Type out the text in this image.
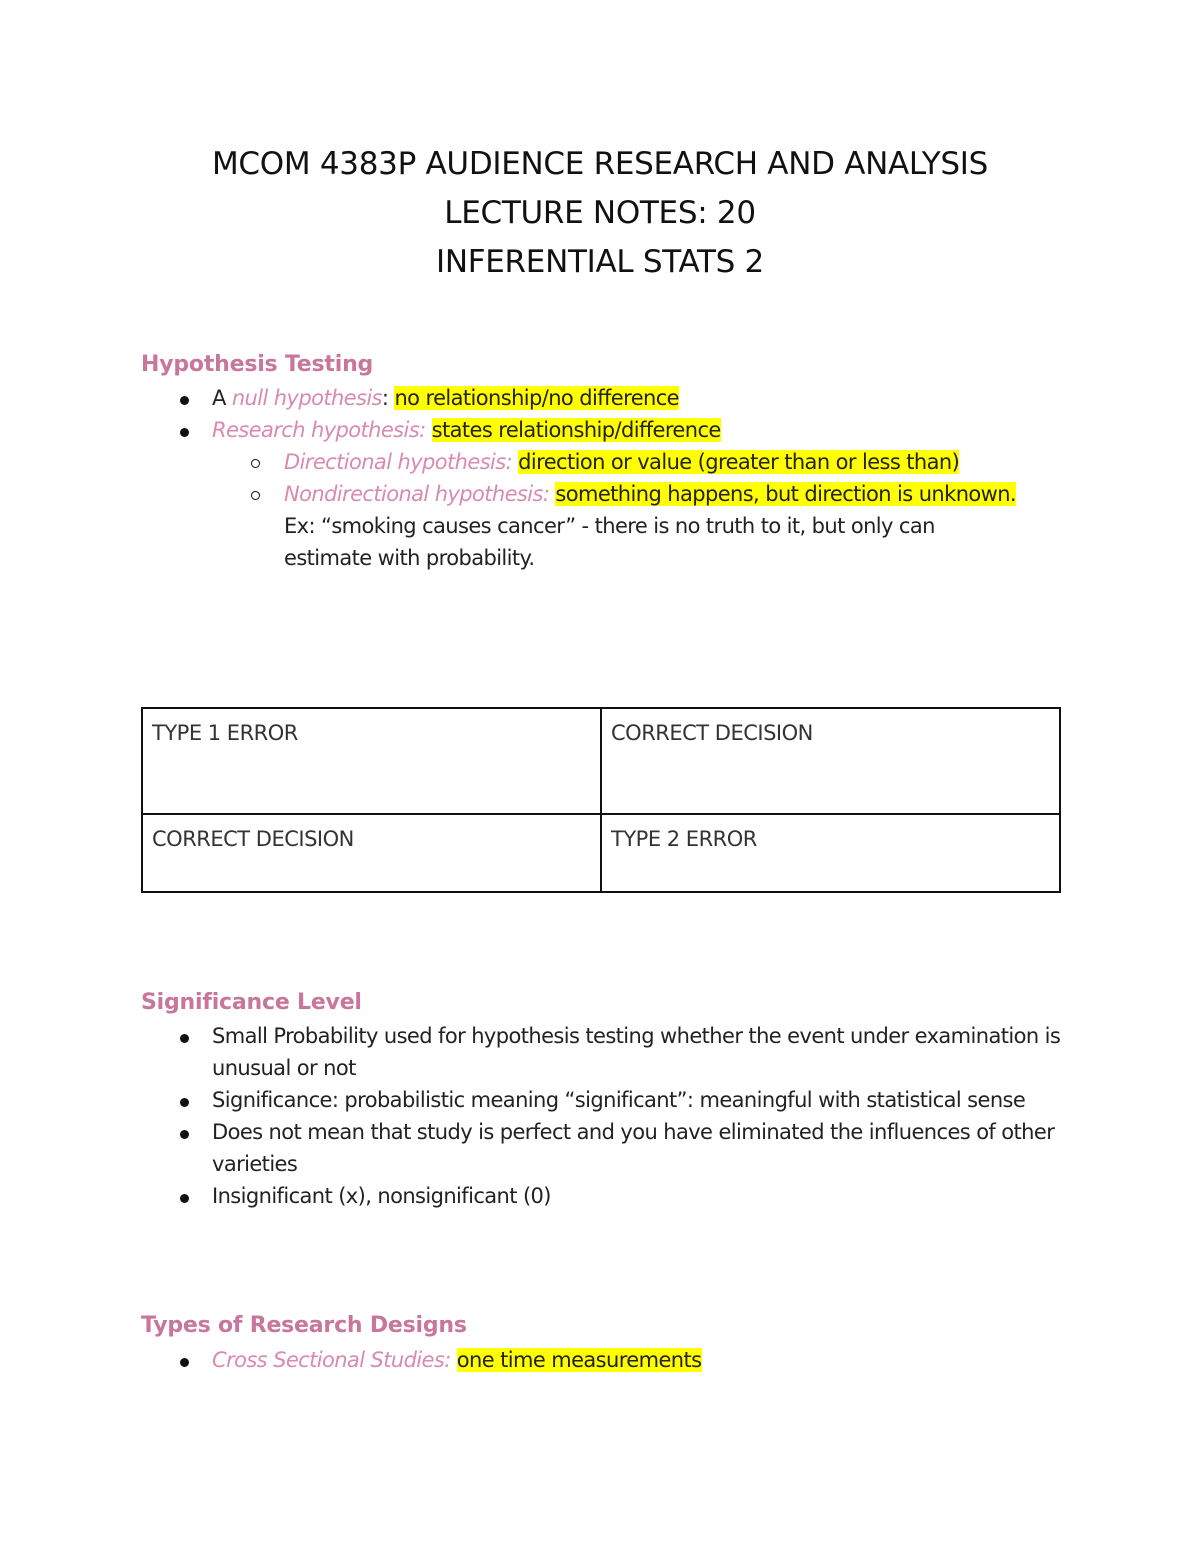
MCOM 4383P AUDIENCE RESEARCH AND ANALYSIS
LECTURE NOTES: 20
INFERENTIAL STATS 2
Hypothesis Testing
A null hypothesis: no relationship/no difference
Research hypothesis: states relationship/difference
Directional hypothesis: direction or value (greater than or less than)
Nondirectional hypothesis: something happens, but direction is unknown.
Ex: “smoking causes cancer” - there is no truth to it, but only can
estimate with probability.
TYPE 1 ERROR	CORRECT DECISION
CORRECT DECISION	TYPE 2 ERROR
Significance Level
Small Probability used for hypothesis testing whether the event under examination is unusual or not
Significance: probabilistic meaning “significant”: meaningful with statistical sense
Does not mean that study is perfect and you have eliminated the influences of other varieties
Insignificant (x), nonsignificant (0)
Types of Research Designs
Cross Sectional Studies: one time measurements
